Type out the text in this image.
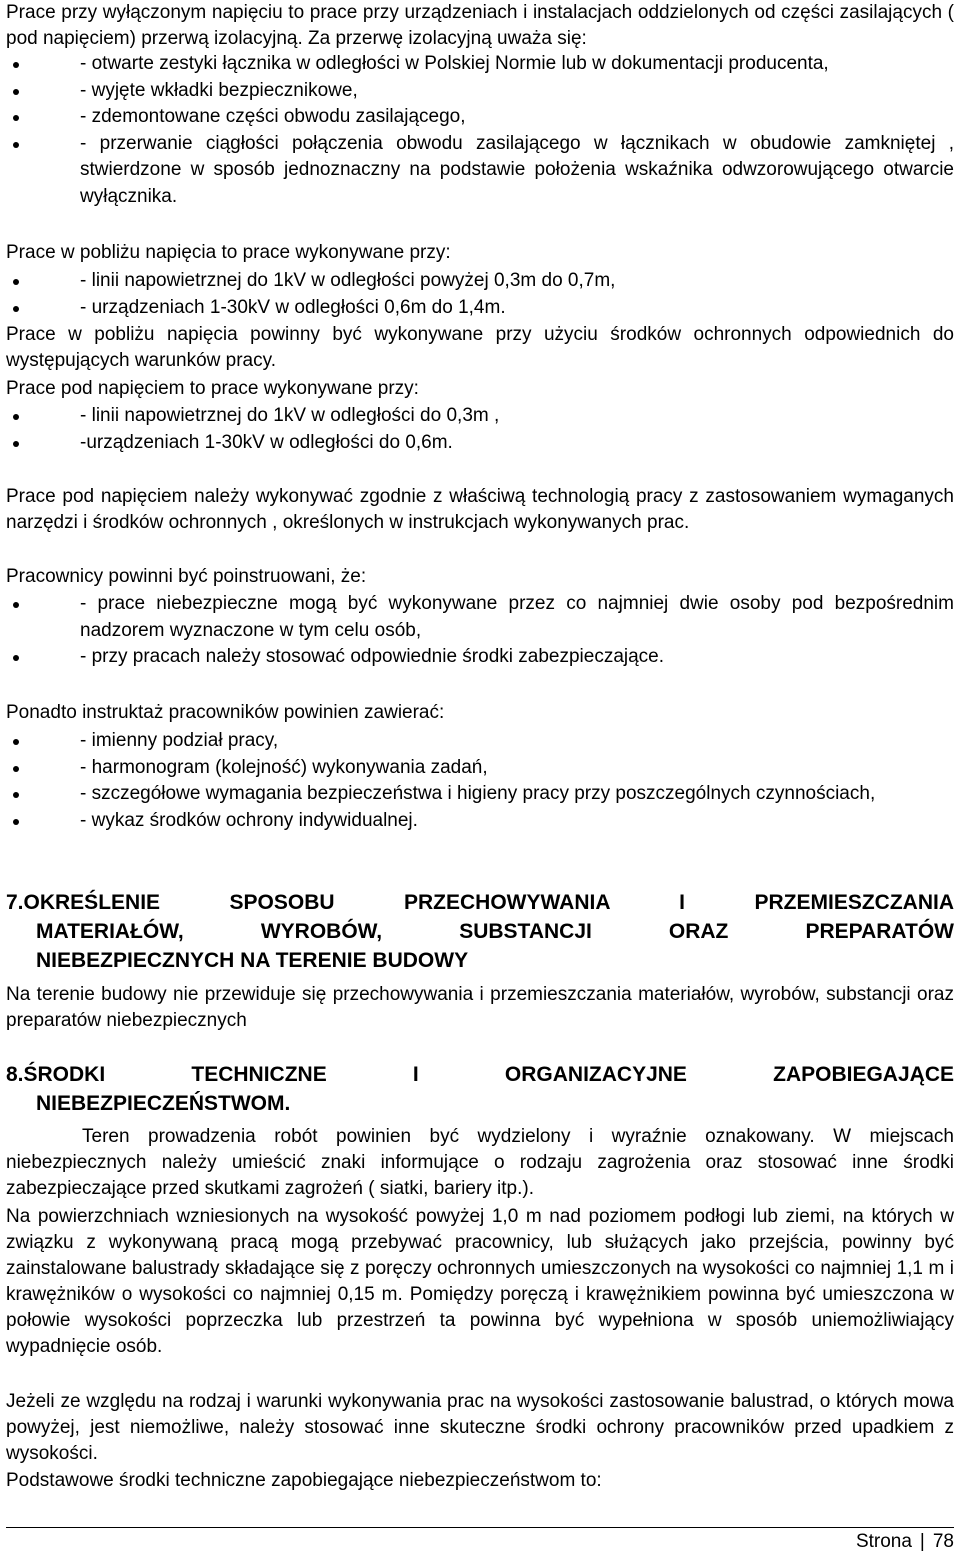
Prace przy wyłączonym napięciu to prace przy urządzeniach i instalacjach oddzielonych od części zasilających ( pod napięciem) przerwą izolacyjną. Za przerwę izolacyjną uważa się:

- otwarte zestyki łącznika w odległości w Polskiej Normie lub w dokumentacji producenta,
- wyjęte wkładki bezpiecznikowe,
- zdemontowane części obwodu zasilającego,
- przerwanie ciągłości połączenia obwodu zasilającego w łącznikach w obudowie zamkniętej , stwierdzone w sposób jednoznaczny na podstawie położenia wskaźnika odwzorowującego otwarcie wyłącznika.

Prace w pobliżu napięcia to prace wykonywane przy:

- linii napowietrznej do 1kV w odległości powyżej 0,3m do 0,7m,
- urządzeniach 1-30kV w odległości 0,6m do 1,4m.

Prace w pobliżu napięcia powinny być wykonywane przy użyciu środków ochronnych odpowiednich do występujących warunków pracy.

Prace pod napięciem to prace wykonywane przy:

- linii napowietrznej do 1kV w odległości do 0,3m ,
-urządzeniach 1-30kV w odległości do 0,6m.

Prace pod napięciem należy wykonywać zgodnie z właściwą technologią pracy z zastosowaniem wymaganych narzędzi i środków ochronnych , określonych w instrukcjach wykonywanych prac.

Pracownicy powinni być poinstruowani, że:

- prace niebezpieczne mogą być wykonywane przez co najmniej dwie osoby pod bezpośrednim nadzorem wyznaczone w tym celu osób,
- przy pracach należy stosować odpowiednie środki zabezpieczające.

Ponadto instruktaż pracowników powinien zawierać:

- imienny podział pracy,
- harmonogram (kolejność) wykonywania zadań,
- szczegółowe wymagania bezpieczeństwa i higieny pracy przy poszczególnych czynnościach,
- wykaz środków ochrony indywidualnej.
7.OKREŚLENIE SPOSOBU PRZECHOWYWANIA I PRZEMIESZCZANIA
MATERIAŁÓW, WYROBÓW, SUBSTANCJI ORAZ PREPARATÓW
NIEBEZPIECZNYCH NA TERENIE BUDOWY

Na terenie budowy nie przewiduje się przechowywania i przemieszczania materiałów, wyrobów, substancji oraz preparatów niebezpiecznych

8.ŚRODKI TECHNICZNE I ORGANIZACYJNE ZAPOBIEGAJĄCE
NIEBEZPIECZEŃSTWOM.

Teren prowadzenia robót powinien być wydzielony i wyraźnie oznakowany. W miejscach niebezpiecznych należy umieścić znaki informujące o rodzaju zagrożenia oraz stosować inne środki zabezpieczające przed skutkami zagrożeń ( siatki, bariery itp.).

Na powierzchniach wzniesionych na wysokość powyżej 1,0 m nad poziomem podłogi lub ziemi, na których w związku z wykonywaną pracą mogą przebywać pracownicy, lub służących jako przejścia, powinny być zainstalowane balustrady składające się z poręczy ochronnych umieszczonych na wysokości co najmniej 1,1 m i krawężników o wysokości co najmniej 0,15 m. Pomiędzy poręczą i krawężnikiem powinna być umieszczona w połowie wysokości poprzeczka lub przestrzeń ta powinna być wypełniona w sposób uniemożliwiający wypadnięcie osób.

Jeżeli ze względu na rodzaj i warunki wykonywania prac na wysokości zastosowanie balustrad, o których mowa powyżej, jest niemożliwe, należy stosować inne skuteczne środki ochrony pracowników przed upadkiem z wysokości.

Podstawowe środki techniczne zapobiegające niebezpieczeństwom to:

Strona | 78
